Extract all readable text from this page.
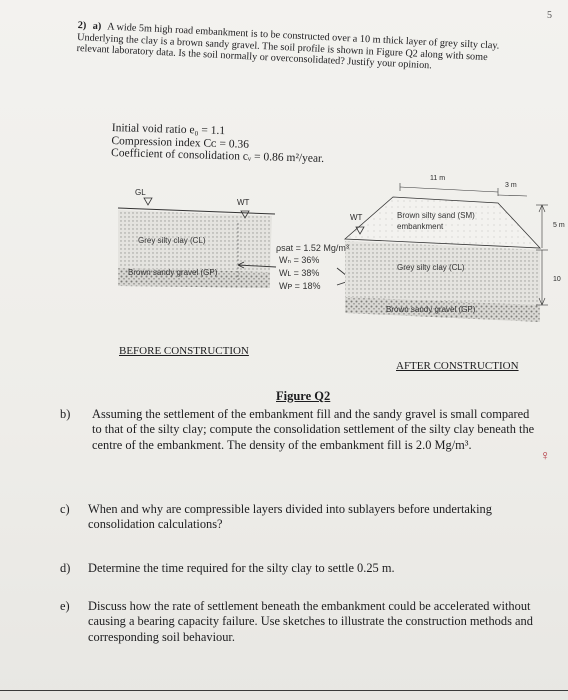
5
2) a) A wide 5m high road embankment is to be constructed over a 10 m thick layer of grey silty clay. Underlying the clay is a brown sandy gravel. The soil profile is shown in Figure Q2 along with some relevant laboratory data. Is the soil normally or overconsolidated? Justify your opinion.
Initial void ratio e₀ = 1.1
Compression index Cᴄ = 0.36
Coefficient of consolidation cᵥ = 0.86 m²/year.
GL
WT
Grey silty clay (CL)
Brown sandy gravel (GP)
ρsat = 1.52 Mg/m³
Wₙ = 36%
Wʟ = 38%
Wᴘ = 18%
WT
11 m
3 m
5 m
10
Brown silty sand (SM)
embankment
Grey silty clay (CL)
Brown sandy gravel (GP)
BEFORE CONSTRUCTION
AFTER CONSTRUCTION
Figure Q2
b) Assuming the settlement of the embankment fill and the sandy gravel is small compared to that of the silty clay; compute the consolidation settlement of the silty clay beneath the centre of the embankment. The density of the embankment fill is 2.0 Mg/m³.
♀
c) When and why are compressible layers divided into sublayers before undertaking consolidation calculations?
d) Determine the time required for the silty clay to settle 0.25 m.
e) Discuss how the rate of settlement beneath the embankment could be accelerated without causing a bearing capacity failure. Use sketches to illustrate the construction methods and corresponding soil behaviour.
